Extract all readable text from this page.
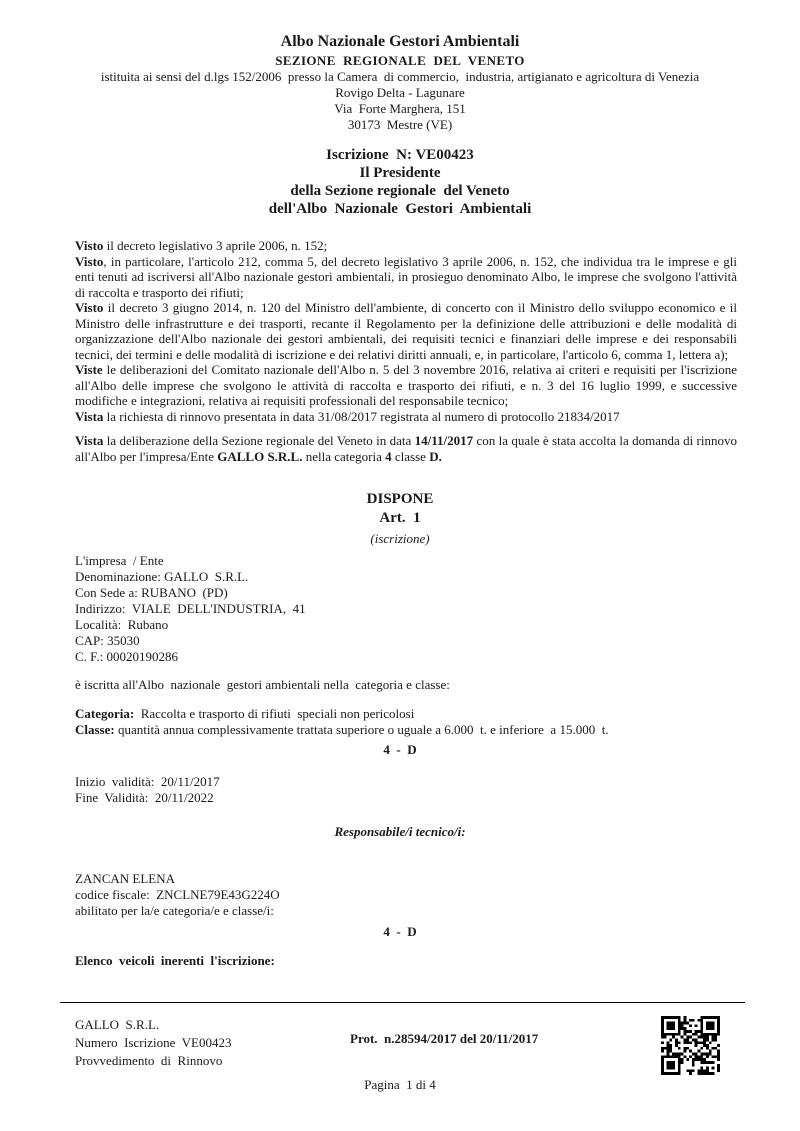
Albo Nazionale Gestori Ambientali
SEZIONE  REGIONALE  DEL  VENETO
istituita ai sensi del d.lgs 152/2006  presso la Camera  di commercio,  industria, artigianato e agricoltura di Venezia
Rovigo Delta - Lagunare
Via  Forte Marghera, 151
30173  Mestre (VE)
Iscrizione  N: VE00423
Il Presidente
della Sezione regionale  del Veneto
dell'Albo  Nazionale  Gestori  Ambientali

Visto il decreto legislativo 3 aprile 2006, n. 152;

Visto, in particolare, l'articolo 212, comma 5, del decreto legislativo 3 aprile 2006, n. 152, che individua tra le imprese e gli enti tenuti ad iscriversi all'Albo nazionale gestori ambientali, in prosieguo denominato Albo, le imprese che svolgono l'attività di raccolta e trasporto dei rifiuti;

Visto il decreto 3 giugno 2014, n. 120 del Ministro dell'ambiente, di concerto con il Ministro dello sviluppo economico e il Ministro delle infrastrutture e dei trasporti, recante il Regolamento per la definizione delle attribuzioni e delle modalità di organizzazione dell'Albo nazionale dei gestori ambientali, dei requisiti tecnici e finanziari delle imprese e dei responsabili tecnici, dei termini e delle modalità di iscrizione e dei relativi diritti annuali, e, in particolare, l'articolo 6, comma 1, lettera a);

Viste le deliberazioni del Comitato nazionale dell'Albo n. 5 del 3 novembre 2016, relativa ai criteri e requisiti per l'iscrizione all'Albo delle imprese che svolgono le attività di raccolta e trasporto dei rifiuti, e n. 3 del 16 luglio 1999, e successive modifiche e integrazioni, relativa ai requisiti professionali del responsabile tecnico;

Vista la richiesta di rinnovo presentata in data 31/08/2017 registrata al numero di protocollo 21834/2017

Vista la deliberazione della Sezione regionale del Veneto in data 14/11/2017 con la quale è stata accolta la domanda di rinnovo all'Albo per l'impresa/Ente GALLO S.R.L. nella categoria 4 classe D.

DISPONE
Art.  1
(iscrizione)
L'impresa  / Ente
Denominazione: GALLO  S.R.L.
Con Sede a: RUBANO  (PD)
Indirizzo:  VIALE  DELL'INDUSTRIA,  41
Località:  Rubano
CAP: 35030
C. F.: 00020190286
è iscritta all'Albo  nazionale  gestori ambientali nella  categoria e classe:
Categoria:  Raccolta e trasporto di rifiuti  speciali non pericolosi
Classe: quantità annua complessivamente trattata superiore o uguale a 6.000  t. e inferiore  a 15.000  t.
4  -  D
Inizio  validità:  20/11/2017
Fine  Validità:  20/11/2022
Responsabile/i tecnico/i:
ZANCAN ELENA
codice fiscale:  ZNCLNE79E43G224O
abilitato per la/e categoria/e e classe/i:
4  -  D
Elenco  veicoli  inerenti  l'iscrizione:
GALLO  S.R.L.
Numero  Iscrizione  VE00423
Provvedimento  di  Rinnovo
Prot.  n.28594/2017 del 20/11/2017
Pagina  1 di 4
